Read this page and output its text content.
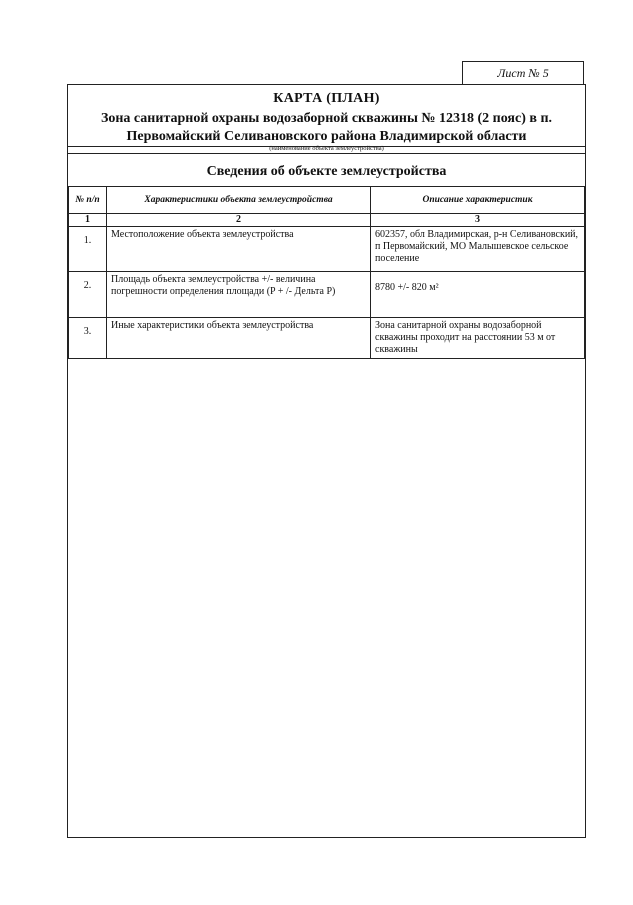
Лист № 5
КАРТА (ПЛАН)
Зона санитарной охраны водозаборной скважины № 12318 (2 пояс) в п.
Первомайский Селивановского района Владимирской области
(наименование объекта землеустройства)
Сведения об объекте землеустройства
№ п/п	Характеристики объекта землеустройства	Описание характеристик
1	2	3
1.	Местоположение объекта землеустройства	602357, обл Владимирская, р-н Селивановский, п Первомайский, МО Малышевское сельское поселение
2.	Площадь объекта землеустройства +/- величина погрешности определения площади (P + /- Дельта P)	8780 +/- 820 м²
3.	Иные характеристики объекта землеустройства	Зона санитарной охраны водозаборной скважины проходит на расстоянии 53 м от скважины
